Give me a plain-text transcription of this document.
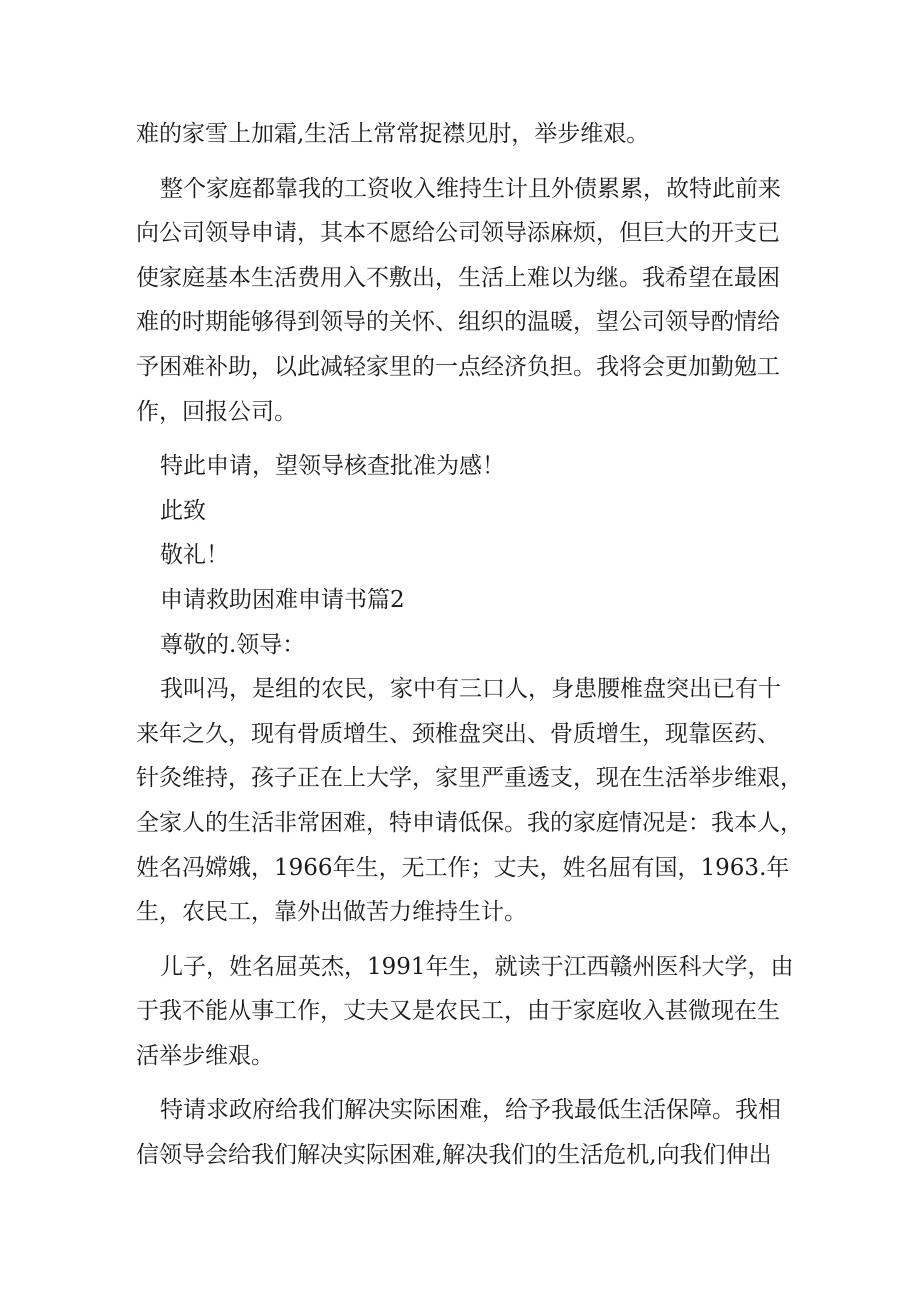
难的家雪上加霜,生活上常常捉襟见肘，举步维艰。

整个家庭都靠我的工资收入维持生计且外债累累，故特此前来

向公司领导申请，其本不愿给公司领导添麻烦，但巨大的开支已

使家庭基本生活费用入不敷出，生活上难以为继。我希望在最困

难的时期能够得到领导的关怀、组织的温暖，望公司领导酌情给

予困难补助，以此减轻家里的一点经济负担。我将会更加勤勉工

作，回报公司。

特此申请，望领导核查批准为感！

此致

敬礼！

申请救助困难申请书篇2

尊敬的.领导：

我叫冯，是组的农民，家中有三口人，身患腰椎盘突出已有十

来年之久，现有骨质增生、颈椎盘突出、骨质增生，现靠医药、

针灸维持，孩子正在上大学，家里严重透支，现在生活举步维艰，

全家人的生活非常困难，特申请低保。我的家庭情况是：我本人，

姓名冯嫦娥，1966年生，无工作；丈夫，姓名屈有国，1963.年

生，农民工，靠外出做苦力维持生计。

儿子，姓名屈英杰，1991年生，就读于江西赣州医科大学，由

于我不能从事工作，丈夫又是农民工，由于家庭收入甚微现在生

活举步维艰。

特请求政府给我们解决实际困难，给予我最低生活保障。我相

信领导会给我们解决实际困难,解决我们的生活危机,向我们伸出
